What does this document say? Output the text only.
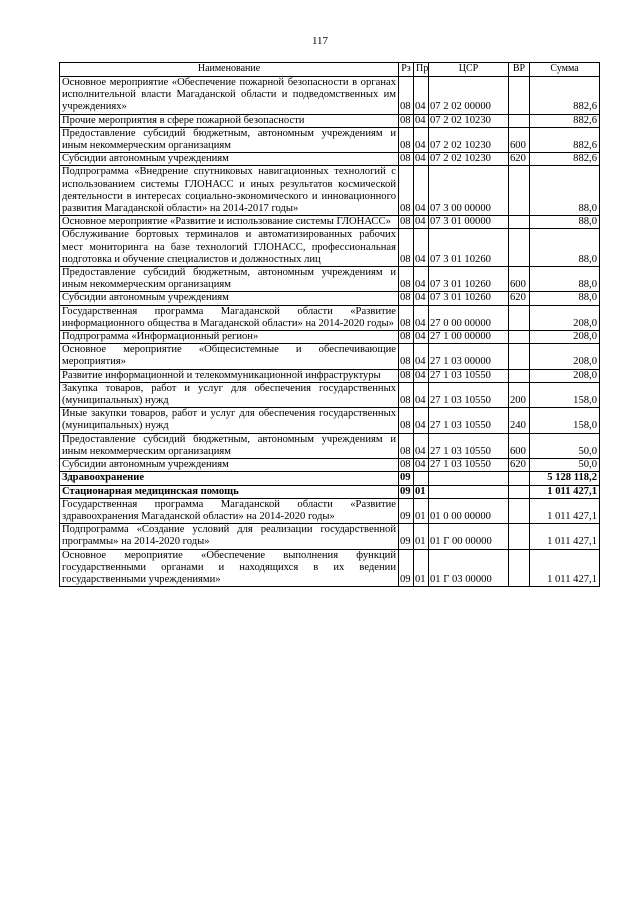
117
Наименование	Рз	Пр	ЦСР	ВР	Сумма
Основное мероприятие «Обеспечение пожарной безопасности в органах исполнительной власти Магаданской области и подведомственных им учреждениях»	08	04	07 2 02 00000		882,6
Прочие мероприятия в сфере пожарной безопасности	08	04	07 2 02 10230		882,6
Предоставление субсидий бюджетным, автономным учреждениям и иным некоммерческим организациям	08	04	07 2 02 10230	600	882,6
Субсидии автономным учреждениям	08	04	07 2 02 10230	620	882,6
Подпрограмма «Внедрение спутниковых навигационных технологий с использованием системы ГЛОНАСС и иных результатов космической деятельности в интересах социально-экономического и инновационного развития Магаданской области» на 2014-2017 годы»	08	04	07 3 00 00000		88,0
Основное мероприятие «Развитие и использование системы ГЛОНАСС»	08	04	07 3 01 00000		88,0
Обслуживание бортовых терминалов и автоматизированных рабочих мест мониторинга на базе технологий ГЛОНАСС, профессиональная подготовка и обучение специалистов и должностных лиц	08	04	07 3 01 10260		88,0
Предоставление субсидий бюджетным, автономным учреждениям и иным некоммерческим организациям	08	04	07 3 01 10260	600	88,0
Субсидии автономным учреждениям	08	04	07 3 01 10260	620	88,0
Государственная программа Магаданской области «Развитие информационного общества в Магаданской области» на 2014-2020 годы»	08	04	27 0 00 00000		208,0
Подпрограмма «Информационный регион»	08	04	27 1 00 00000		208,0
Основное мероприятие «Общесистемные и обеспечивающие мероприятия»	08	04	27 1 03 00000		208,0
Развитие информационной и телекоммуникационной инфраструктуры	08	04	27 1 03 10550		208,0
Закупка товаров, работ и услуг для обеспечения государственных (муниципальных) нужд	08	04	27 1 03 10550	200	158,0
Иные закупки товаров, работ и услуг для обеспечения государственных (муниципальных) нужд	08	04	27 1 03 10550	240	158,0
Предоставление субсидий бюджетным, автономным учреждениям и иным некоммерческим организациям	08	04	27 1 03 10550	600	50,0
Субсидии автономным учреждениям	08	04	27 1 03 10550	620	50,0
Здравоохранение	09				5 128 118,2
Стационарная медицинская помощь	09	01			1 011 427,1
Государственная программа Магаданской области «Развитие здравоохранения Магаданской области» на 2014-2020 годы»	09	01	01 0 00 00000		1 011 427,1
Подпрограмма «Создание условий для реализации государственной программы» на 2014-2020 годы»	09	01	01 Г 00 00000		1 011 427,1
Основное мероприятие «Обеспечение выполнения функций государственными органами и находящихся в их ведении государственными учреждениями»	09	01	01 Г 03 00000		1 011 427,1
